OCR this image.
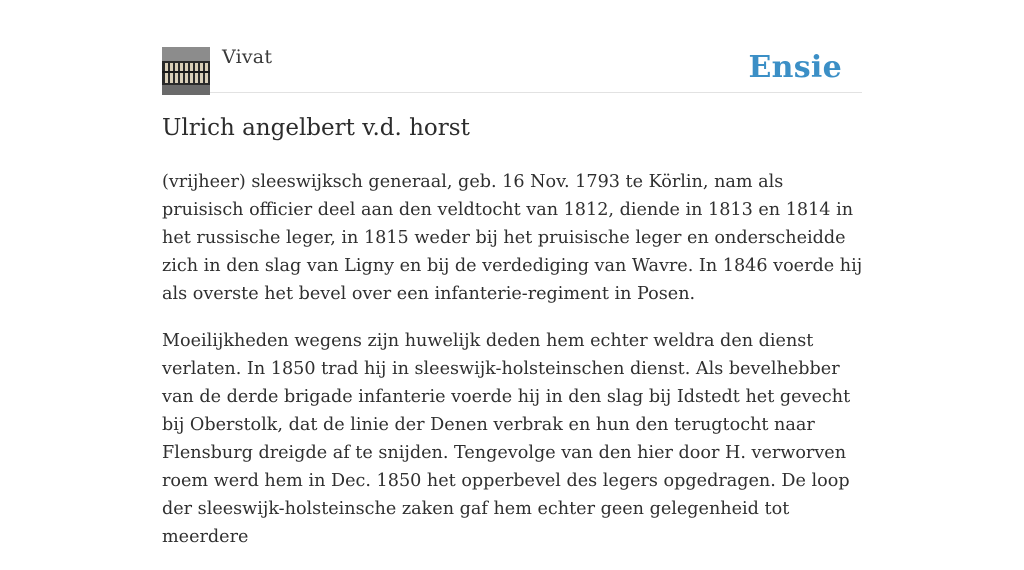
Vivat	Ensie
Ulrich angelbert v.d. horst

(vrijheer) sleeswijksch generaal, geb. 16 Nov. 1793 te Körlin, nam als pruisisch officier deel aan den veldtocht van 1812, diende in 1813 en 1814 in het russische leger, in 1815 weder bij het pruisische leger en onderscheidde zich in den slag van Ligny en bij de verdediging van Wavre. In 1846 voerde hij als overste het bevel over een infanterie-regiment in Posen.

Moeilijkheden wegens zijn huwelijk deden hem echter weldra den dienst verlaten. In 1850 trad hij in sleeswijk-holsteinschen dienst. Als bevelhebber van de derde brigade infanterie voerde hij in den slag bij Idstedt het gevecht bij Oberstolk, dat de linie der Denen verbrak en hun den terugtocht naar Flensburg dreigde af te snijden. Tengevolge van den hier door H. verworven roem werd hem in Dec. 1850 het opperbevel des legers opgedragen. De loop der sleeswijk-holsteinsche zaken gaf hem echter geen gelegenheid tot meerdere
